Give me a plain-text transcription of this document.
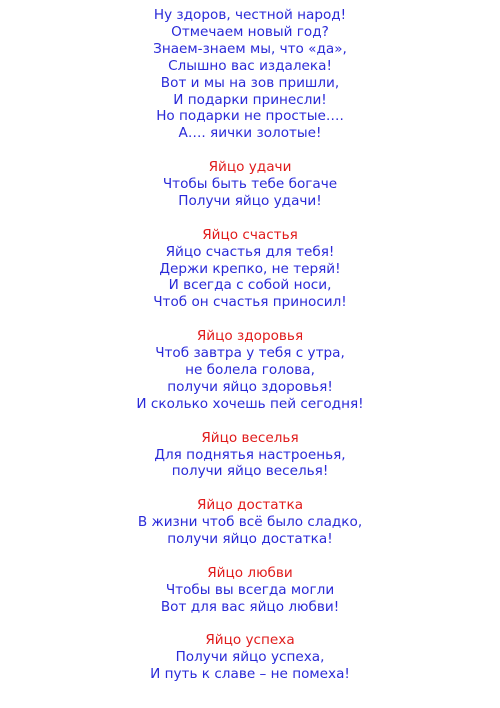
Ну здоров, честной народ!
Отмечаем новый год?
Знаем-знаем мы, что «да»,
Слышно вас издалека!
Вот и мы на зов пришли,
И подарки принесли!
Но подарки не простые….
А…. яички золотые!
Яйцо удачи
Чтобы быть тебе богаче
Получи яйцо удачи!
Яйцо счастья
Яйцо счастья для тебя!
Держи крепко, не теряй!
И всегда с собой носи,
Чтоб он счастья приносил!
Яйцо здоровья
Чтоб завтра у тебя с утра,
не болела голова,
получи яйцо здоровья!
И сколько хочешь пей сегодня!
Яйцо веселья
Для поднятья настроенья,
получи яйцо веселья!
Яйцо достатка
В жизни чтоб всё было сладко,
получи яйцо достатка!
Яйцо любви
Чтобы вы всегда могли
Вот для вас яйцо любви!
Яйцо успеха
Получи яйцо успеха,
И путь к славе – не помеха!
